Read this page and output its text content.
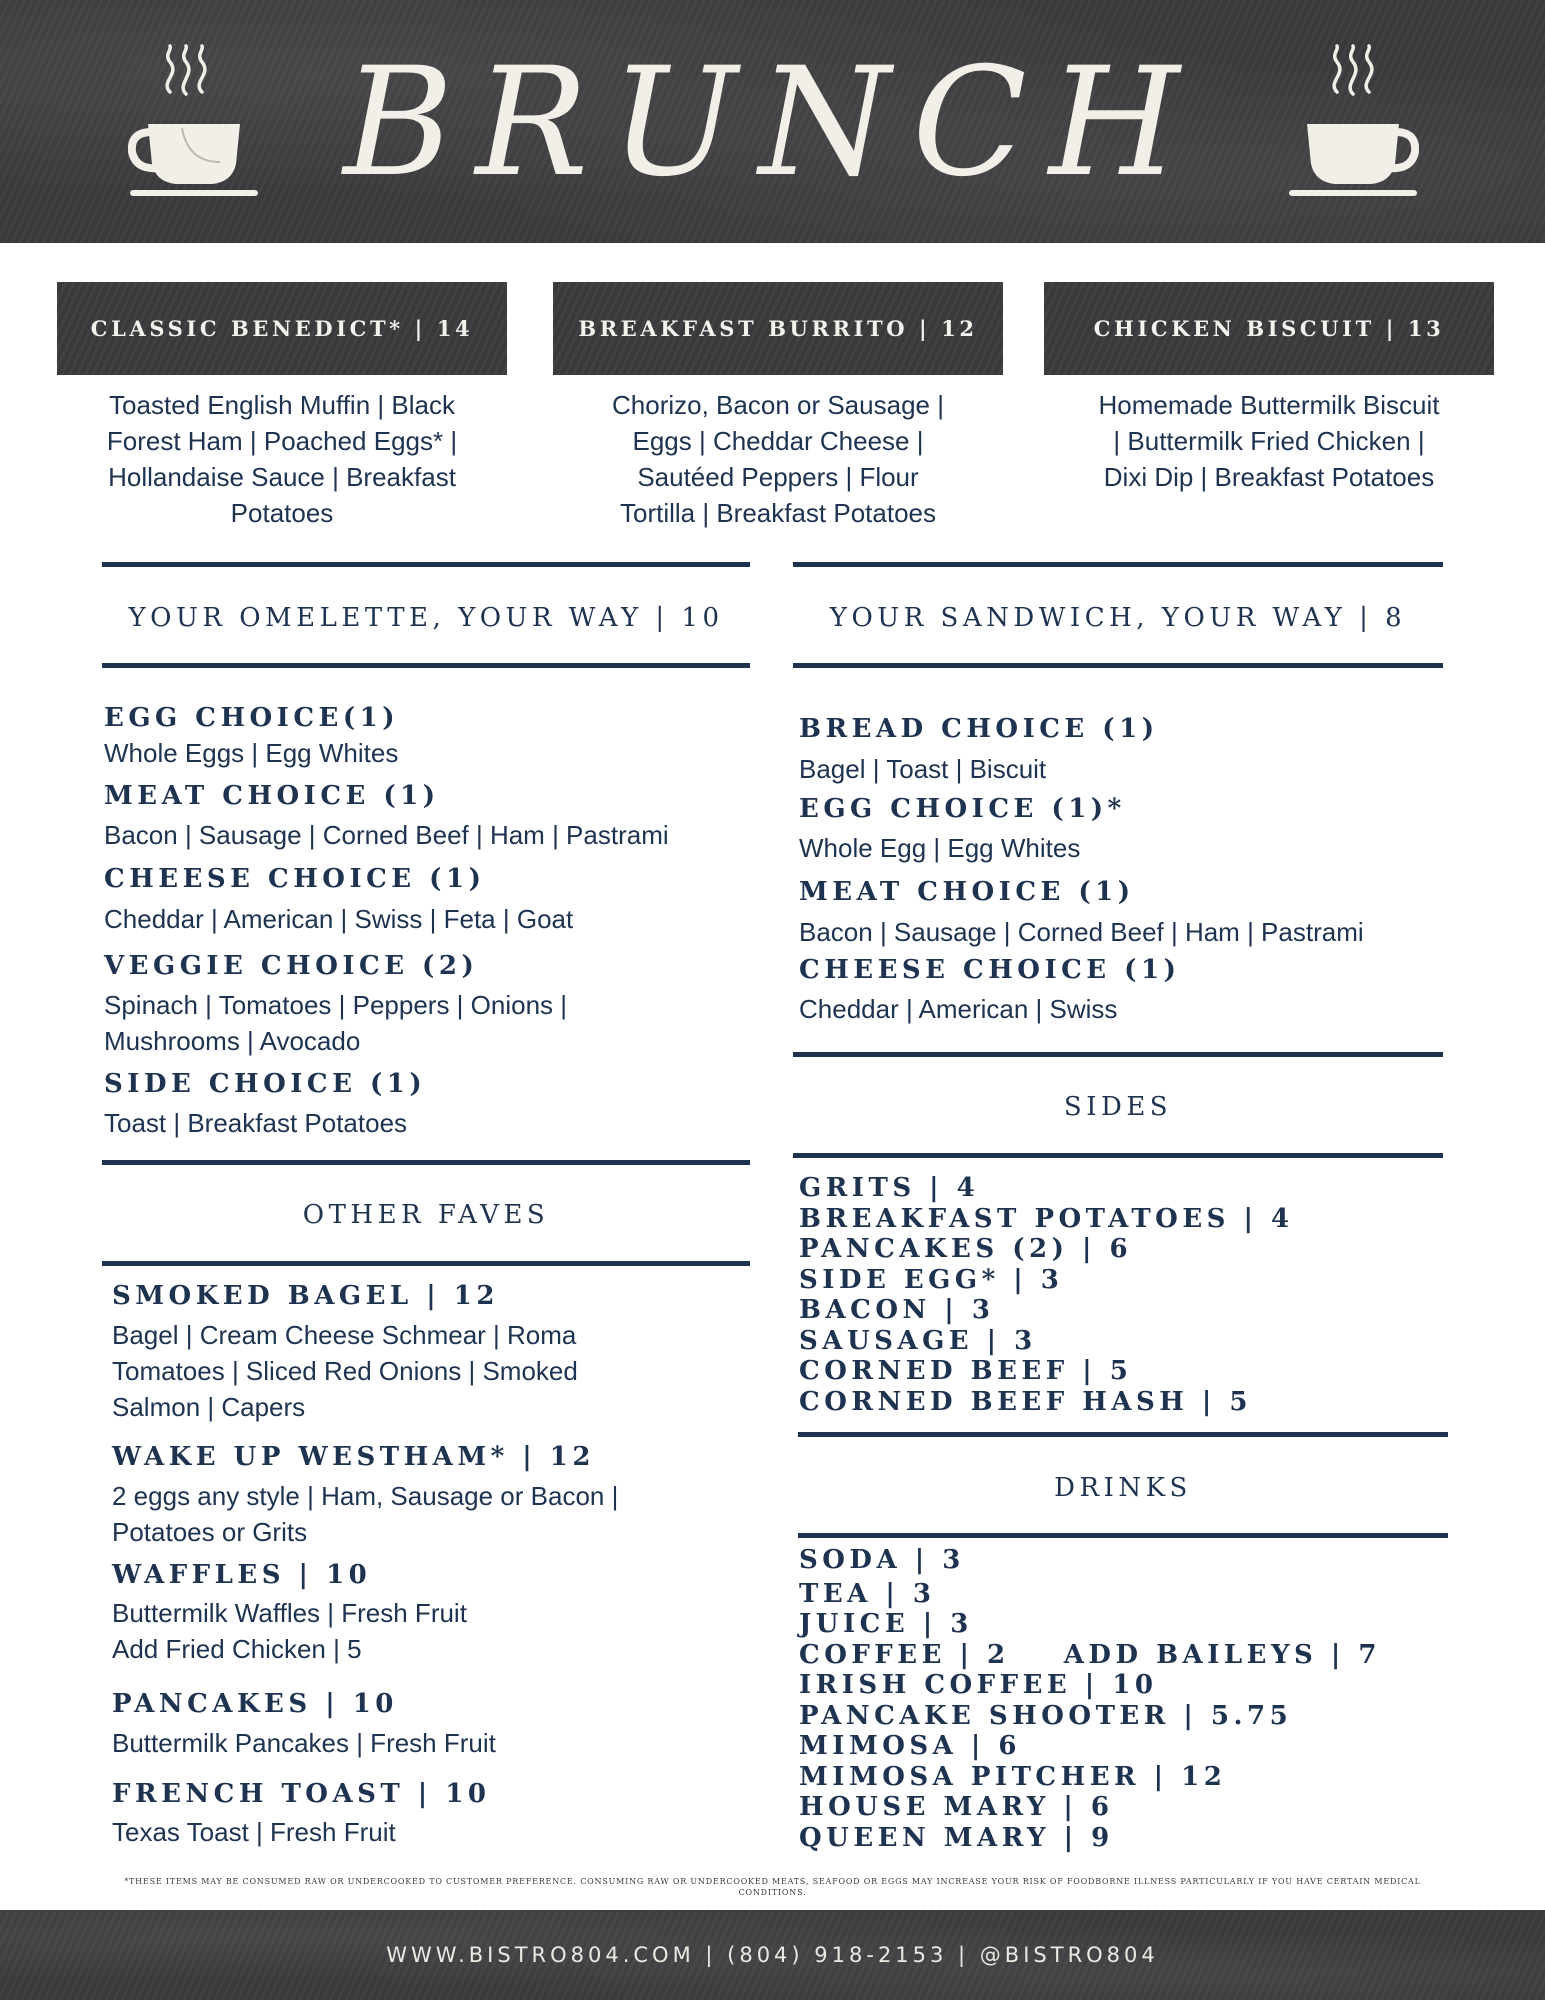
BRUNCH
CLASSIC BENEDICT* | 14
Toasted English Muffin | Black
Forest Ham | Poached Eggs* |
Hollandaise Sauce | Breakfast
Potatoes
BREAKFAST BURRITO | 12
Chorizo, Bacon or Sausage |
Eggs | Cheddar Cheese |
Sautéed Peppers | Flour
Tortilla | Breakfast Potatoes
CHICKEN BISCUIT | 13
Homemade Buttermilk Biscuit
| Buttermilk Fried Chicken |
Dixi Dip | Breakfast Potatoes
YOUR OMELETTE, YOUR WAY | 10
EGG CHOICE(1)
Whole Eggs | Egg Whites
MEAT CHOICE (1)
Bacon | Sausage | Corned Beef | Ham | Pastrami
CHEESE CHOICE (1)
Cheddar | American | Swiss | Feta | Goat
VEGGIE CHOICE (2)
Spinach | Tomatoes | Peppers | Onions |
Mushrooms | Avocado
SIDE CHOICE (1)
Toast | Breakfast Potatoes
OTHER FAVES
SMOKED BAGEL | 12
Bagel | Cream Cheese Schmear | Roma
Tomatoes | Sliced Red Onions | Smoked
Salmon | Capers
WAKE UP WESTHAM* | 12
2 eggs any style | Ham, Sausage or Bacon |
Potatoes or Grits
WAFFLES | 10
Buttermilk Waffles | Fresh Fruit
Add Fried Chicken | 5
PANCAKES | 10
Buttermilk Pancakes | Fresh Fruit
FRENCH TOAST | 10
Texas Toast | Fresh Fruit
YOUR SANDWICH, YOUR WAY | 8
BREAD CHOICE (1)
Bagel | Toast | Biscuit
EGG CHOICE (1)*
Whole Egg | Egg Whites
MEAT CHOICE (1)
Bacon | Sausage | Corned Beef | Ham | Pastrami
CHEESE CHOICE (1)
Cheddar | American | Swiss
SIDES
GRITS | 4
BREAKFAST POTATOES | 4
PANCAKES (2) | 6
SIDE EGG* | 3
BACON | 3
SAUSAGE | 3
CORNED BEEF | 5
CORNED BEEF HASH | 5
DRINKS
SODA | 3
TEA | 3
JUICE | 3
COFFEE | 2    ADD BAILEYS | 7
IRISH COFFEE | 10
PANCAKE SHOOTER | 5.75
MIMOSA | 6
MIMOSA PITCHER | 12
HOUSE MARY | 6
QUEEN MARY | 9
*THESE ITEMS MAY BE CONSUMED RAW OR UNDERCOOKED TO CUSTOMER PREFERENCE. CONSUMING RAW OR UNDERCOOKED MEATS, SEAFOOD OR EGGS MAY INCREASE YOUR RISK OF FOODBORNE ILLNESS PARTICULARLY IF YOU HAVE CERTAIN MEDICAL CONDITIONS.
WWW.BISTRO804.COM | (804) 918-2153 | @BISTRO804
